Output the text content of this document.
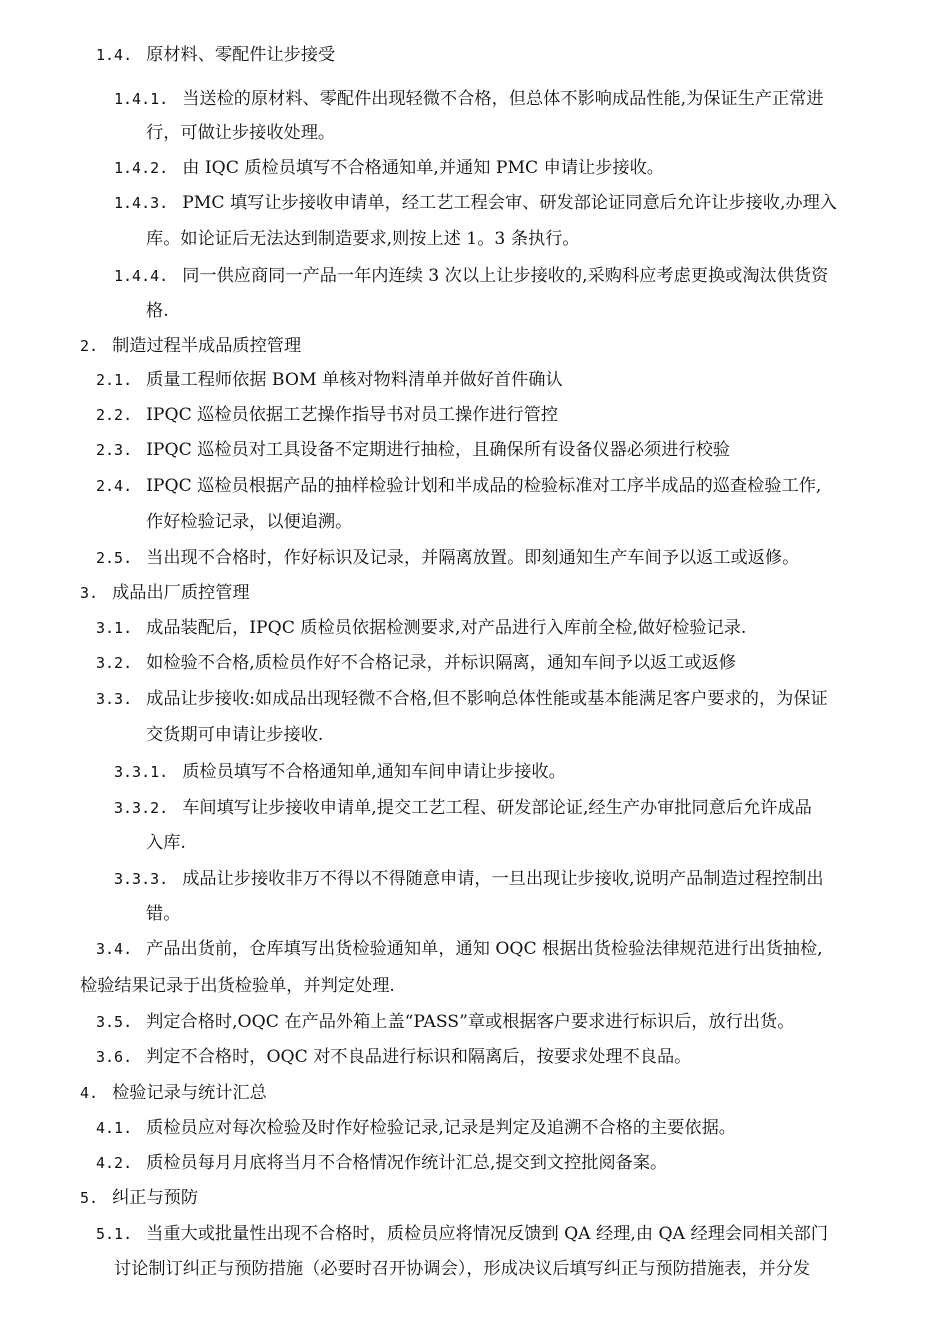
1.4. 原材料、零配件让步接受
1.4.1. 当送检的原材料、零配件出现轻微不合格，但总体不影响成品性能,为保证生产正常进
行，可做让步接收处理。
1.4.2. 由 IQC 质检员填写不合格通知单,并通知 PMC 申请让步接收。
1.4.3. PMC 填写让步接收申请单，经工艺工程会审、研发部论证同意后允许让步接收,办理入
库。如论证后无法达到制造要求,则按上述 1。3 条执行。
1.4.4. 同一供应商同一产品一年内连续 3 次以上让步接收的,采购科应考虑更换或淘汰供货资
格.
2. 制造过程半成品质控管理
2.1. 质量工程师依据 BOM 单核对物料清单并做好首件确认
2.2. IPQC 巡检员依据工艺操作指导书对员工操作进行管控
2.3. IPQC 巡检员对工具设备不定期进行抽检，且确保所有设备仪器必须进行校验
2.4. IPQC 巡检员根据产品的抽样检验计划和半成品的检验标准对工序半成品的巡查检验工作,
作好检验记录，以便追溯。
2.5. 当出现不合格时，作好标识及记录，并隔离放置。即刻通知生产车间予以返工或返修。
3. 成品出厂质控管理
3.1. 成品装配后，IPQC 质检员依据检测要求,对产品进行入库前全检,做好检验记录.
3.2. 如检验不合格,质检员作好不合格记录，并标识隔离，通知车间予以返工或返修
3.3. 成品让步接收:如成品出现轻微不合格,但不影响总体性能或基本能满足客户要求的，为保证
交货期可申请让步接收.
3.3.1. 质检员填写不合格通知单,通知车间申请让步接收。
3.3.2. 车间填写让步接收申请单,提交工艺工程、研发部论证,经生产办审批同意后允许成品
入库.
3.3.3. 成品让步接收非万不得以不得随意申请，一旦出现让步接收,说明产品制造过程控制出
错。
3.4. 产品出货前，仓库填写出货检验通知单，通知 OQC 根据出货检验法律规范进行出货抽检,
检验结果记录于出货检验单，并判定处理.
3.5. 判定合格时,OQC 在产品外箱上盖“PASS”章或根据客户要求进行标识后，放行出货。
3.6. 判定不合格时，OQC 对不良品进行标识和隔离后，按要求处理不良品。
4. 检验记录与统计汇总
4.1. 质检员应对每次检验及时作好检验记录,记录是判定及追溯不合格的主要依据。
4.2. 质检员每月月底将当月不合格情况作统计汇总,提交到文控批阅备案。
5. 纠正与预防
5.1. 当重大或批量性出现不合格时，质检员应将情况反馈到 QA 经理,由 QA 经理会同相关部门
讨论制订纠正与预防措施（必要时召开协调会），形成决议后填写纠正与预防措施表，并分发
